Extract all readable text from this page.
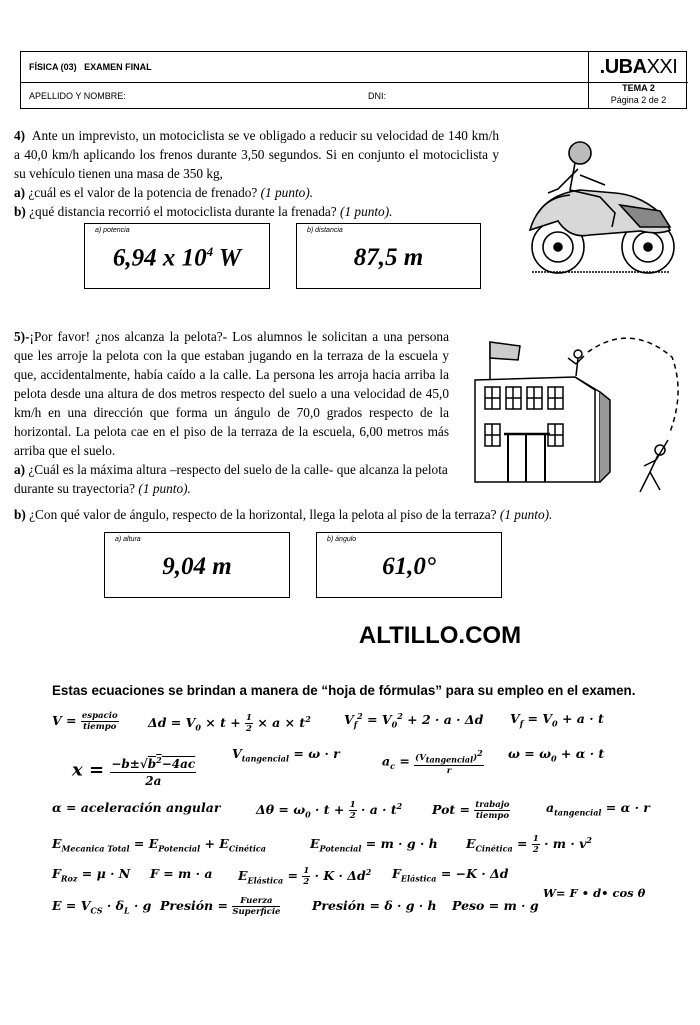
FÍSICA (03)   EXAMEN FINAL
APELLIDO Y NOMBRE:	DNI:
.UBAXXI
TEMA 2
Página 2 de 2
4) Ante un imprevisto, un motociclista se ve obligado a reducir su velocidad de 140 km/h a 40,0 km/h aplicando los frenos durante 3,50 segundos. Si en conjunto el motociclista y su vehículo tienen una masa de 350 kg,
a) ¿cuál es el valor de la potencia de frenado? (1 punto).
b) ¿qué distancia recorrió el motociclista durante la frenada? (1 punto).
a) potencia
6,94 x $10^4$ W
b) distancia
87,5 m
5)-¡Por favor! ¿nos alcanza la pelota?- Los alumnos le solicitan a una persona que les arroje la pelota con la que estaban jugando en la terraza de la escuela y que, accidentalmente, había caído a la calle. La persona les arroja hacia arriba la pelota desde una altura de dos metros respecto del suelo a una velocidad de 45,0 km/h en una dirección que forma un ángulo de 70,0 grados respecto de la horizontal. La pelota cae en el piso de la terraza de la escuela, 6,00 metros más arriba que el suelo.
a) ¿Cuál es la máxima altura –respecto del suelo de la calle- que alcanza la pelota durante su trayectoria? (1 punto).
b) ¿Con qué valor de ángulo, respecto de la horizontal, llega la pelota al piso de la terraza? (1 punto).
a) altura
9,04 m
b) ángulo
61,0°
ALTILLO.COM
Estas ecuaciones se brindan a manera de “hoja de fórmulas” para su empleo en el examen.
V = espacio
tiempo	$\Delta d = V_0 \times t + \frac{1}{2} \times a \times t^2$	$V_f^2 = V_0^2 + 2 \cdot a \cdot \Delta d$ $V_f = V_0 + a \cdot t$
$x = \frac{-b\pm√b^2-4ac}{2a}$	$V_{tangencial} = \omega \cdot r$	$a_c = (V_{tangencial})^2$
r
$\omega = \omega_0 + \alpha \cdot t$
α = aceleración angular	$\Delta\theta = \omega_0 \cdot t + \frac{1}{2} \cdot a \cdot t^2$ Pot = trabajo
tiempo
$a_{tangencial} = \alpha \cdot r$
$E_{Mecanica Total} = E_{Potencial} + E_{Cinética}$	$E_{Potencial} = m \cdot g \cdot h$ $E_{Cinética} = \frac{1}{2} \cdot m \cdot v^2$
$F_{Roz} = \mu \cdot N$ F = m · a $E_{Elástica} = \frac{1}{2} \cdot K \cdot \Delta d^2$ $F_{Elástica} = -K \cdot \Delta d$
W= F • d• cos θ
$E = V_{CS} \cdot \delta_L \cdot g$ Presión = Fuerza
Superficie	Presión = δ · g · h Peso = m · g
